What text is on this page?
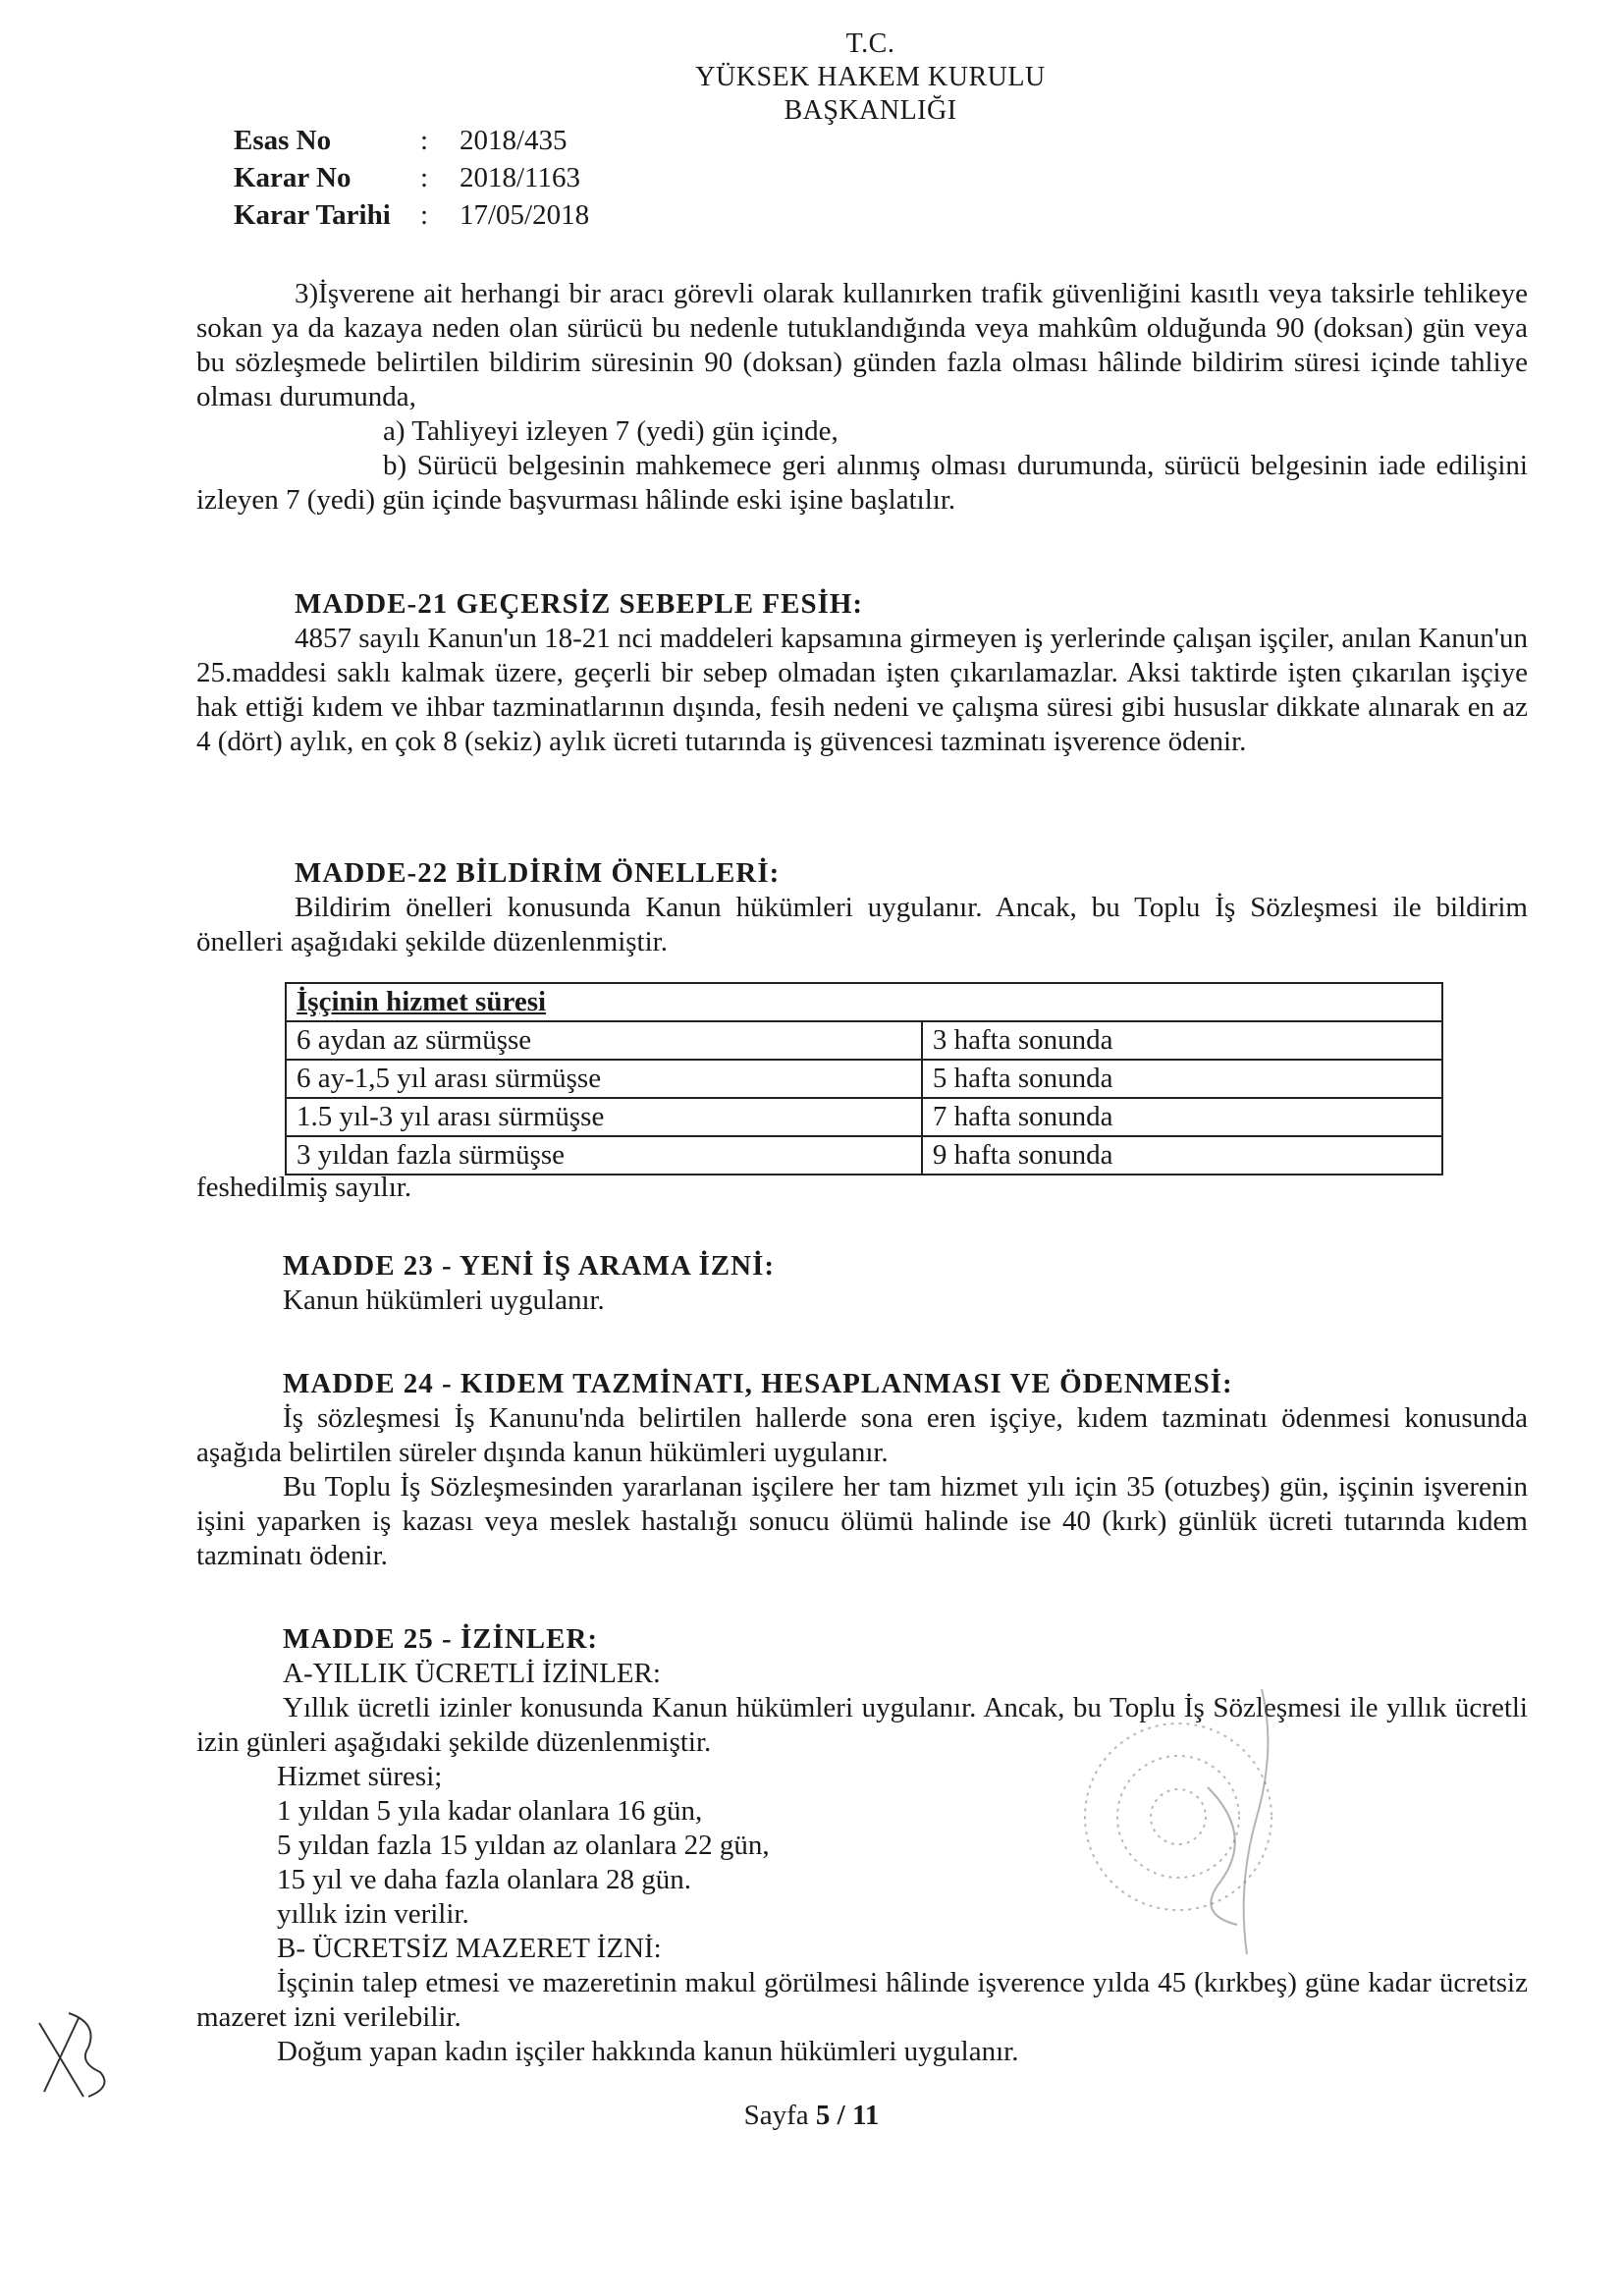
T.C.
YÜKSEK HAKEM KURULU
BAŞKANLIĞI
Esas No	:	2018/435
Karar No	:	2018/1163
Karar Tarihi	:	17/05/2018

3)İşverene ait herhangi bir aracı görevli olarak kullanırken trafik güvenliğini kasıtlı veya taksirle tehlikeye sokan ya da kazaya neden olan sürücü bu nedenle tutuklandığında veya mahkûm olduğunda 90 (doksan) gün veya bu sözleşmede belirtilen bildirim süresinin 90 (doksan) günden fazla olması hâlinde bildirim süresi içinde tahliye olması durumunda,

a) Tahliyeyi izleyen 7 (yedi) gün içinde,

b) Sürücü belgesinin mahkemece geri alınmış olması durumunda, sürücü belgesinin iade edilişini izleyen 7 (yedi) gün içinde başvurması hâlinde eski işine başlatılır.

MADDE-21 GEÇERSİZ SEBEPLE FESİH:

4857 sayılı Kanun'un 18-21 nci maddeleri kapsamına girmeyen iş yerlerinde çalışan işçiler, anılan Kanun'un 25.maddesi saklı kalmak üzere, geçerli bir sebep olmadan işten çıkarılamazlar. Aksi taktirde işten çıkarılan işçiye hak ettiği kıdem ve ihbar tazminatlarının dışında, fesih nedeni ve çalışma süresi gibi hususlar dikkate alınarak en az 4 (dört) aylık, en çok 8 (sekiz) aylık ücreti tutarında iş güvencesi tazminatı işverence ödenir.

MADDE-22 BİLDİRİM ÖNELLERİ:

Bildirim önelleri konusunda Kanun hükümleri uygulanır. Ancak, bu Toplu İş Sözleşmesi ile bildirim önelleri aşağıdaki şekilde düzenlenmiştir.

İşçinin hizmet süresi	
6 aydan az sürmüşse	3 hafta sonunda
6 ay-1,5 yıl arası sürmüşse	5 hafta sonunda
1.5 yıl-3 yıl arası sürmüşse	7 hafta sonunda
3 yıldan fazla sürmüşse	9 hafta sonunda

feshedilmiş sayılır.

MADDE 23 - YENİ İŞ ARAMA İZNİ:

Kanun hükümleri uygulanır.

MADDE 24 - KIDEM TAZMİNATI, HESAPLANMASI VE ÖDENMESİ:

İş sözleşmesi İş Kanunu'nda belirtilen hallerde sona eren işçiye, kıdem tazminatı ödenmesi konusunda aşağıda belirtilen süreler dışında kanun hükümleri uygulanır.

Bu Toplu İş Sözleşmesinden yararlanan işçilere her tam hizmet yılı için 35 (otuzbeş) gün, işçinin işverenin işini yaparken iş kazası veya meslek hastalığı sonucu ölümü halinde ise 40 (kırk) günlük ücreti tutarında kıdem tazminatı ödenir.

MADDE 25 - İZİNLER:

A-YILLIK ÜCRETLİ İZİNLER:

Yıllık ücretli izinler konusunda Kanun hükümleri uygulanır. Ancak, bu Toplu İş Sözleşmesi ile yıllık ücretli izin günleri aşağıdaki şekilde düzenlenmiştir.

Hizmet süresi;

1 yıldan 5 yıla kadar olanlara 16 gün,

5 yıldan fazla 15 yıldan az olanlara 22 gün,

15 yıl ve daha fazla olanlara 28 gün.

yıllık izin verilir.

B- ÜCRETSİZ MAZERET İZNİ:

İşçinin talep etmesi ve mazeretinin makul görülmesi hâlinde işverence yılda 45 (kırkbeş) güne kadar ücretsiz mazeret izni verilebilir.

Doğum yapan kadın işçiler hakkında kanun hükümleri uygulanır.

Sayfa 5 / 11
